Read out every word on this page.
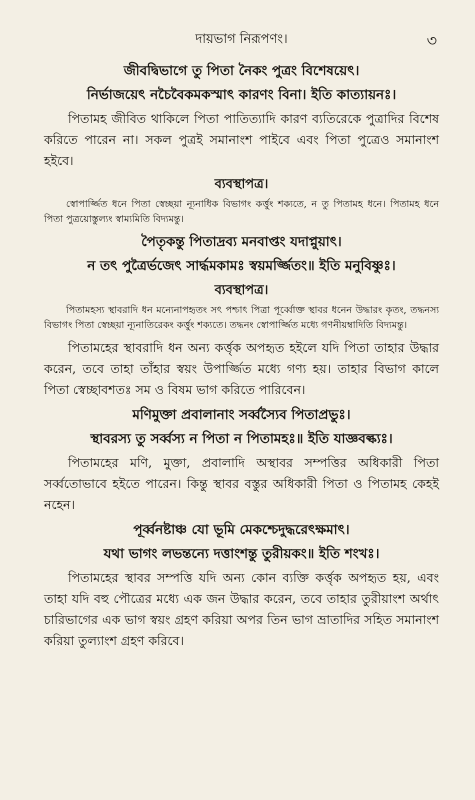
দায়ভাগ নিরূপণং।	৩
জীবদ্বিভাগে তু পিতা নৈকং পুত্রং বিশেষয়েৎ।
নির্ভাজয়েৎ নচৈবৈকমকস্মাৎ কারণং বিনা। ইতি কাত্যায়নঃ।

পিতামহ জীবিত থাকিলে পিতা পাতিত্যাদি কারণ ব্যতিরেকে পুত্রাদির বিশেষ করিতে পারেন না। সকল পুত্রই সমানাংশ পাইবে এবং পিতা পুত্রেও সমানাংশ হইবে।

ব্যবস্থাপত্র।

স্বোপার্জ্জিত ধনে পিতা স্বেচ্ছয়া ন্যূনাধিক বিভাগং কর্ত্তুং শক্যতে, ন তু পিতামহ ধনে। পিতামহ ধনে পিতা পুত্রয়োস্তুল্যং স্বাম্যমিতি বিদ্যমন্তু।

পৈতৃকন্তু পিতাদ্রব্য মনবাপ্তং যদাপ্নুয়াৎ।
ন তৎ পুত্রৈর্ভজেৎ সার্দ্ধমকামঃ স্বয়মর্জ্জিতং॥ ইতি মনুবিষ্ণুঃ।
ব্যবস্থাপত্র।

পিতামহস্য স্থাবরাদি ধন মন্যেনাপহৃতং সৎ পশ্চাৎ পিত্রা পূর্ব্বোক্ত স্থাবর ধনেন উদ্ধারং কৃতং, তদ্ধনস্য বিভাগং পিতা স্বেচ্ছয়া ন্যূনাতিরেকং কর্ত্তুং শক্যতে। তদ্ধনং স্বোপার্জ্জিত মধ্যে গণনীয়ম্বাদিতি বিদ্যমন্তু।

পিতামহের স্থাবরাদি ধন অন্য কর্ত্তৃক অপহৃত হইলে যদি পিতা তাহার উদ্ধার করেন, তবে তাহা তাঁহার স্বয়ং উপার্জ্জিত মধ্যে গণ্য হয়। তাহার বিভাগ কালে পিতা স্বেচ্ছাবশতঃ সম ও বিষম ভাগ করিতে পারিবেন।

মণিমুক্তা প্রবালানাং সর্ব্বস্যৈব পিতাপ্রভুঃ।
স্থাবরস্য তু সর্ব্বস্য ন পিতা ন পিতামহঃ॥ ইতি যাজ্ঞবল্ক্যঃ।

পিতামহের মণি, মুক্তা, প্রবালাদি অস্থাবর সম্পত্তির অধিকারী পিতা সর্ব্বতোভাবে হইতে পারেন। কিন্তু স্থাবর বস্তুর অধিকারী পিতা ও পিতামহ কেহই নহেন।

পূর্ব্বনষ্টাঞ্চ যো ভূমি মেকশ্চেদুদ্ধরেৎক্ষমাৎ।
যথা ভাগং লভন্তন্যে দত্তাংশন্তু তুরীয়কং॥ ইতি শংখঃ।

পিতামহের স্থাবর সম্পত্তি যদি অন্য কোন ব্যক্তি কর্ত্তৃক অপহৃত হয়, এবং তাহা যদি বহু পৌত্রের মধ্যে এক জন উদ্ধার করেন, তবে তাহার তুরীয়াংশ অর্থাৎ চারিভাগের এক ভাগ স্বয়ং গ্রহণ করিয়া অপর তিন ভাগ ভ্রাতাদির সহিত সমানাংশ করিয়া তুল্যাংশ গ্রহণ করিবে।
